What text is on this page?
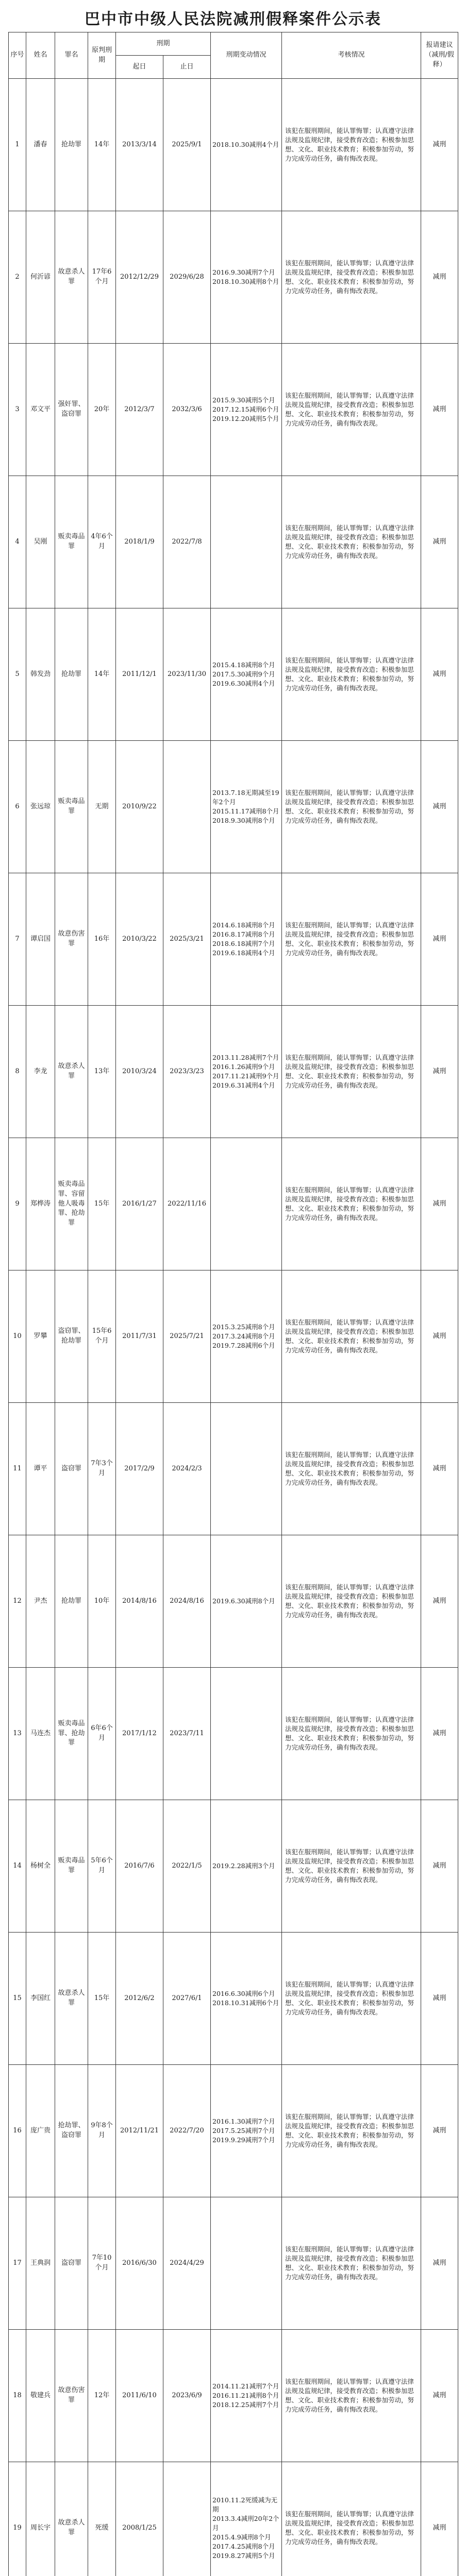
巴中市中级人民法院减刑假释案件公示表
序号	姓名	罪名	原判刑期	刑期		刑期变动情况	考核情况	报请建议（减刑/假释）
				起日	止日			
1	潘春	抢劫罪	14年	2013/3/14	2025/9/1	2018.10.30减刑4个月	该犯在服刑期间，能认罪悔罪；认真遵守法律法规及监规纪律，接受教育改造；积极参加思想、文化、职业技术教育；积极参加劳动，努力完成劳动任务，确有悔改表现。	减刑
2	何沂谚	故意杀人罪	17年6个月	2012/12/29	2029/6/28	2016.9.30减刑7个月
2018.10.30减刑8个月	该犯在服刑期间，能认罪悔罪；认真遵守法律法规及监规纪律，接受教育改造；积极参加思想、文化、职业技术教育；积极参加劳动，努力完成劳动任务，确有悔改表现。	减刑
3	邓文平	强奸罪、盗窃罪	20年	2012/3/7	2032/3/6	2015.9.30减刑5个月
2017.12.15减刑6个月
2019.12.20减刑5个月	该犯在服刑期间，能认罪悔罪；认真遵守法律法规及监规纪律，接受教育改造；积极参加思想、文化、职业技术教育；积极参加劳动，努力完成劳动任务，确有悔改表现。	减刑
4	吴刚	贩卖毒品罪	4年6个月	2018/1/9	2022/7/8		该犯在服刑期间，能认罪悔罪；认真遵守法律法规及监规纪律，接受教育改造；积极参加思想、文化、职业技术教育；积极参加劳动，努力完成劳动任务，确有悔改表现。	减刑
5	韩发劲	抢劫罪	14年	2011/12/1	2023/11/30	2015.4.18减刑8个月
2017.5.30减刑9个月
2019.6.30减刑4个月	该犯在服刑期间，能认罪悔罪；认真遵守法律法规及监规纪律，接受教育改造；积极参加思想、文化、职业技术教育；积极参加劳动，努力完成劳动任务，确有悔改表现。	减刑
6	张远琼	贩卖毒品罪	无期	2010/9/22		2013.7.18无期减至19年2个月
2015.11.17减刑8个月
2018.9.30减刑8个月	该犯在服刑期间，能认罪悔罪；认真遵守法律法规及监规纪律，接受教育改造；积极参加思想、文化、职业技术教育；积极参加劳动，努力完成劳动任务，确有悔改表现。	减刑
7	谭启国	故意伤害罪	16年	2010/3/22	2025/3/21	2014.6.18减刑8个月
2016.8.17减刑8个月
2018.6.18减刑7个月
2019.6.18减刑4个月	该犯在服刑期间，能认罪悔罪；认真遵守法律法规及监规纪律，接受教育改造；积极参加思想、文化、职业技术教育；积极参加劳动，努力完成劳动任务，确有悔改表现。	减刑
8	李龙	故意杀人罪	13年	2010/3/24	2023/3/23	2013.11.28减刑7个月
2016.1.26减刑9个月
2017.11.21减刑9个月
2019.6.31减刑4个月	该犯在服刑期间，能认罪悔罪；认真遵守法律法规及监规纪律，接受教育改造；积极参加思想、文化、职业技术教育；积极参加劳动，努力完成劳动任务，确有悔改表现。	减刑
9	郑桦涛	贩卖毒品罪、容留他人吸毒罪、抢劫罪	15年	2016/1/27	2022/11/16		该犯在服刑期间，能认罪悔罪；认真遵守法律法规及监规纪律，接受教育改造；积极参加思想、文化、职业技术教育；积极参加劳动，努力完成劳动任务，确有悔改表现。	减刑
10	罗攀	盗窃罪、抢劫罪	15年6个月	2011/7/31	2025/7/21	2015.3.25减刑8个月
2017.3.24减刑8个月
2019.7.28减刑6个月	该犯在服刑期间，能认罪悔罪；认真遵守法律法规及监规纪律，接受教育改造；积极参加思想、文化、职业技术教育；积极参加劳动，努力完成劳动任务，确有悔改表现。	减刑
11	谭平	盗窃罪	7年3个月	2017/2/9	2024/2/3		该犯在服刑期间，能认罪悔罪；认真遵守法律法规及监规纪律，接受教育改造；积极参加思想、文化、职业技术教育；积极参加劳动，努力完成劳动任务，确有悔改表现。	减刑
12	尹杰	抢劫罪	10年	2014/8/16	2024/8/16	2019.6.30减刑8个月	该犯在服刑期间，能认罪悔罪；认真遵守法律法规及监规纪律，接受教育改造；积极参加思想、文化、职业技术教育；积极参加劳动，努力完成劳动任务，确有悔改表现。	减刑
13	马连杰	贩卖毒品罪、抢劫罪	6年6个月	2017/1/12	2023/7/11		该犯在服刑期间，能认罪悔罪；认真遵守法律法规及监规纪律，接受教育改造；积极参加思想、文化、职业技术教育；积极参加劳动，努力完成劳动任务，确有悔改表现。	减刑
14	杨树全	贩卖毒品罪	5年6个月	2016/7/6	2022/1/5	2019.2.28减刑3个月	该犯在服刑期间，能认罪悔罪；认真遵守法律法规及监规纪律，接受教育改造；积极参加思想、文化、职业技术教育；积极参加劳动，努力完成劳动任务，确有悔改表现。	减刑
15	李国红	故意杀人罪	15年	2012/6/2	2027/6/1	2016.6.30减刑6个月
2018.10.31减刑6个月	该犯在服刑期间，能认罪悔罪；认真遵守法律法规及监规纪律，接受教育改造；积极参加思想、文化、职业技术教育；积极参加劳动，努力完成劳动任务，确有悔改表现。	减刑
16	庞广贵	抢劫罪、盗窃罪	9年8个月	2012/11/21	2022/7/20	2016.1.30减刑7个月
2017.5.25减刑7个月
2019.9.29减刑7个月	该犯在服刑期间，能认罪悔罪；认真遵守法律法规及监规纪律，接受教育改造；积极参加思想、文化、职业技术教育；积极参加劳动，努力完成劳动任务，确有悔改表现。	减刑
17	王典润	盗窃罪	7年10个月	2016/6/30	2024/4/29		该犯在服刑期间，能认罪悔罪；认真遵守法律法规及监规纪律，接受教育改造；积极参加思想、文化、职业技术教育；积极参加劳动，努力完成劳动任务，确有悔改表现。	减刑
18	敬建兵	故意伤害罪	12年	2011/6/10	2023/6/9	2014.11.21减刑7个月
2016.11.21减刑8个月
2018.12.25减刑7个月	该犯在服刑期间，能认罪悔罪；认真遵守法律法规及监规纪律，接受教育改造；积极参加思想、文化、职业技术教育；积极参加劳动，努力完成劳动任务，确有悔改表现。	减刑
19	周长宇	故意杀人罪	死缓	2008/1/25		2010.11.2死缓减为无期
2013.3.4减刑20年2个月
2015.4.9减刑8个月
2017.4.25减刑8个月
2019.8.27减刑5个月	该犯在服刑期间，能认罪悔罪；认真遵守法律法规及监规纪律，接受教育改造；积极参加思想、文化、职业技术教育；积极参加劳动，努力完成劳动任务，确有悔改表现。	减刑
